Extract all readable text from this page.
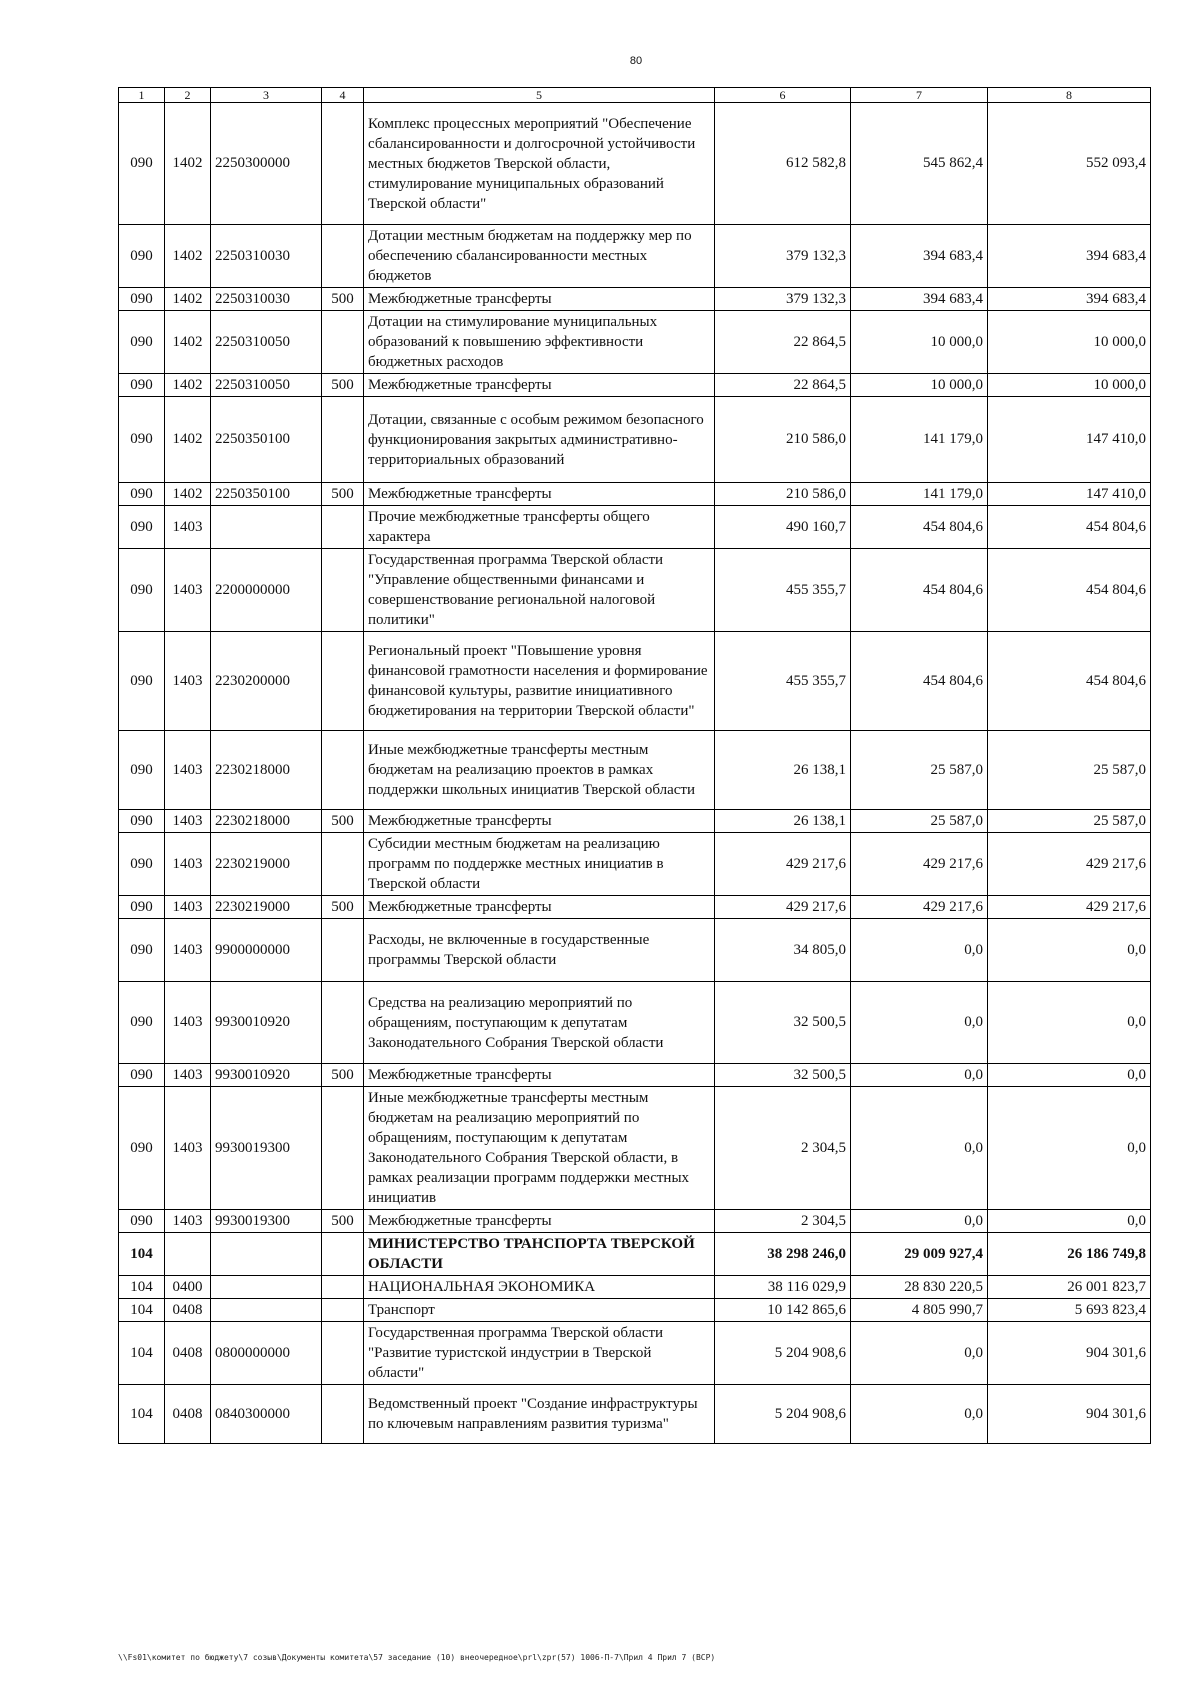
80
1	2	3	4	5	6	7	8
090	1402	2250300000		Комплекс процессных мероприятий "Обеспечение сбалансированности и долгосрочной устойчивости местных бюджетов Тверской области, стимулирование муниципальных образований Тверской области"	612 582,8	545 862,4	552 093,4
090	1402	2250310030		Дотации местным бюджетам на поддержку мер по обеспечению сбалансированности местных бюджетов	379 132,3	394 683,4	394 683,4
090	1402	2250310030	500	Межбюджетные трансферты	379 132,3	394 683,4	394 683,4
090	1402	2250310050		Дотации на стимулирование муниципальных образований к повышению эффективности бюджетных расходов	22 864,5	10 000,0	10 000,0
090	1402	2250310050	500	Межбюджетные трансферты	22 864,5	10 000,0	10 000,0
090	1402	2250350100		Дотации, связанные с особым режимом безопасного функционирования закрытых административно-территориальных образований	210 586,0	141 179,0	147 410,0
090	1402	2250350100	500	Межбюджетные трансферты	210 586,0	141 179,0	147 410,0
090	1403			Прочие межбюджетные трансферты общего характера	490 160,7	454 804,6	454 804,6
090	1403	2200000000		Государственная программа Тверской области "Управление общественными финансами и совершенствование региональной налоговой политики"	455 355,7	454 804,6	454 804,6
090	1403	2230200000		Региональный проект "Повышение уровня финансовой грамотности населения и формирование финансовой культуры, развитие инициативного бюджетирования на территории Тверской области"	455 355,7	454 804,6	454 804,6
090	1403	2230218000		Иные межбюджетные трансферты местным бюджетам на реализацию проектов в рамках поддержки школьных инициатив Тверской области	26 138,1	25 587,0	25 587,0
090	1403	2230218000	500	Межбюджетные трансферты	26 138,1	25 587,0	25 587,0
090	1403	2230219000		Субсидии местным бюджетам на реализацию программ по поддержке местных инициатив в Тверской области	429 217,6	429 217,6	429 217,6
090	1403	2230219000	500	Межбюджетные трансферты	429 217,6	429 217,6	429 217,6
090	1403	9900000000		Расходы, не включенные в государственные программы Тверской области	34 805,0	0,0	0,0
090	1403	9930010920		Средства на реализацию мероприятий по обращениям, поступающим к депутатам Законодательного Собрания Тверской области	32 500,5	0,0	0,0
090	1403	9930010920	500	Межбюджетные трансферты	32 500,5	0,0	0,0
090	1403	9930019300		Иные межбюджетные трансферты местным бюджетам на реализацию мероприятий по обращениям, поступающим к депутатам Законодательного Собрания Тверской области, в рамках реализации программ поддержки местных инициатив	2 304,5	0,0	0,0
090	1403	9930019300	500	Межбюджетные трансферты	2 304,5	0,0	0,0
104				МИНИСТЕРСТВО ТРАНСПОРТА ТВЕРСКОЙ ОБЛАСТИ	38 298 246,0	29 009 927,4	26 186 749,8
104	0400			НАЦИОНАЛЬНАЯ ЭКОНОМИКА	38 116 029,9	28 830 220,5	26 001 823,7
104	0408			Транспорт	10 142 865,6	4 805 990,7	5 693 823,4
104	0408	0800000000		Государственная программа Тверской области "Развитие туристской индустрии в Тверской области"	5 204 908,6	0,0	904 301,6
104	0408	0840300000		Ведомственный проект "Создание инфраструктуры по ключевым направлениям развития туризма"	5 204 908,6	0,0	904 301,6
\\Fs01\комитет по бюджету\7 созыв\Документы комитета\57 заседание (10) внеочередное\prl\zpr(57) 1006-П-7\Прил 4 Прил 7 (ВСР)
